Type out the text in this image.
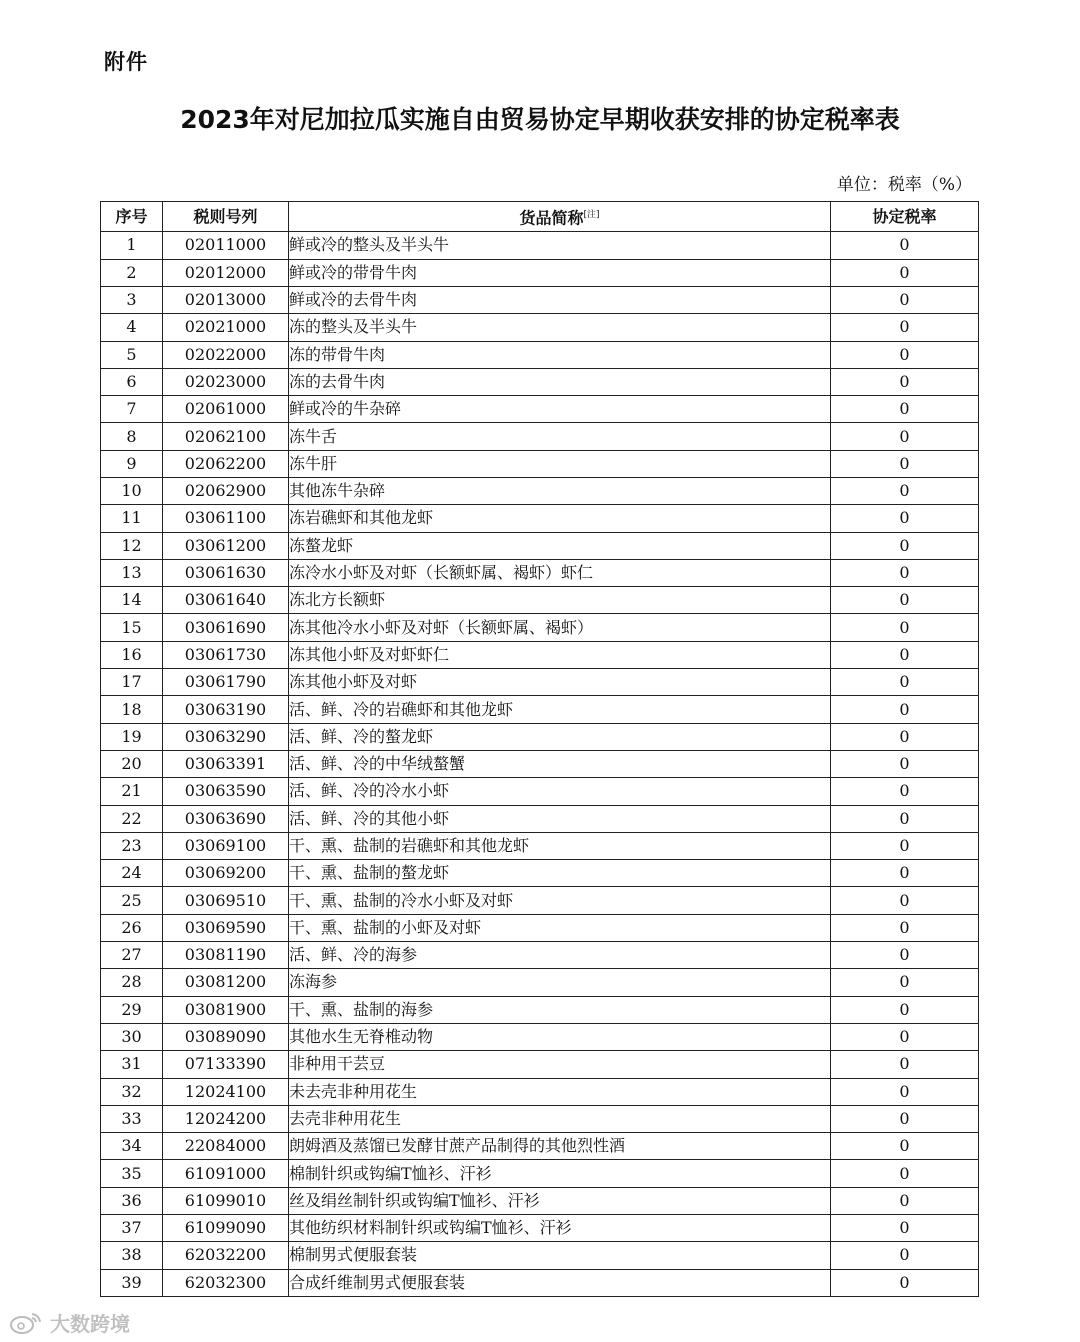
附件
2023年对尼加拉瓜实施自由贸易协定早期收获安排的协定税率表
单位：税率（%）
序号	税则号列	货品简称[注]	协定税率
1	02011000	鲜或冷的整头及半头牛	0
2	02012000	鲜或冷的带骨牛肉	0
3	02013000	鲜或冷的去骨牛肉	0
4	02021000	冻的整头及半头牛	0
5	02022000	冻的带骨牛肉	0
6	02023000	冻的去骨牛肉	0
7	02061000	鲜或冷的牛杂碎	0
8	02062100	冻牛舌	0
9	02062200	冻牛肝	0
10	02062900	其他冻牛杂碎	0
11	03061100	冻岩礁虾和其他龙虾	0
12	03061200	冻螯龙虾	0
13	03061630	冻冷水小虾及对虾（长额虾属、褐虾）虾仁	0
14	03061640	冻北方长额虾	0
15	03061690	冻其他冷水小虾及对虾（长额虾属、褐虾）	0
16	03061730	冻其他小虾及对虾虾仁	0
17	03061790	冻其他小虾及对虾	0
18	03063190	活、鲜、冷的岩礁虾和其他龙虾	0
19	03063290	活、鲜、冷的螯龙虾	0
20	03063391	活、鲜、冷的中华绒螯蟹	0
21	03063590	活、鲜、冷的冷水小虾	0
22	03063690	活、鲜、冷的其他小虾	0
23	03069100	干、熏、盐制的岩礁虾和其他龙虾	0
24	03069200	干、熏、盐制的螯龙虾	0
25	03069510	干、熏、盐制的冷水小虾及对虾	0
26	03069590	干、熏、盐制的小虾及对虾	0
27	03081190	活、鲜、冷的海参	0
28	03081200	冻海参	0
29	03081900	干、熏、盐制的海参	0
30	03089090	其他水生无脊椎动物	0
31	07133390	非种用干芸豆	0
32	12024100	未去壳非种用花生	0
33	12024200	去壳非种用花生	0
34	22084000	朗姆酒及蒸馏已发酵甘蔗产品制得的其他烈性酒	0
35	61091000	棉制针织或钩编T恤衫、汗衫	0
36	61099010	丝及绢丝制针织或钩编T恤衫、汗衫	0
37	61099090	其他纺织材料制针织或钩编T恤衫、汗衫	0
38	62032200	棉制男式便服套装	0
39	62032300	合成纤维制男式便服套装	0
大数跨境
